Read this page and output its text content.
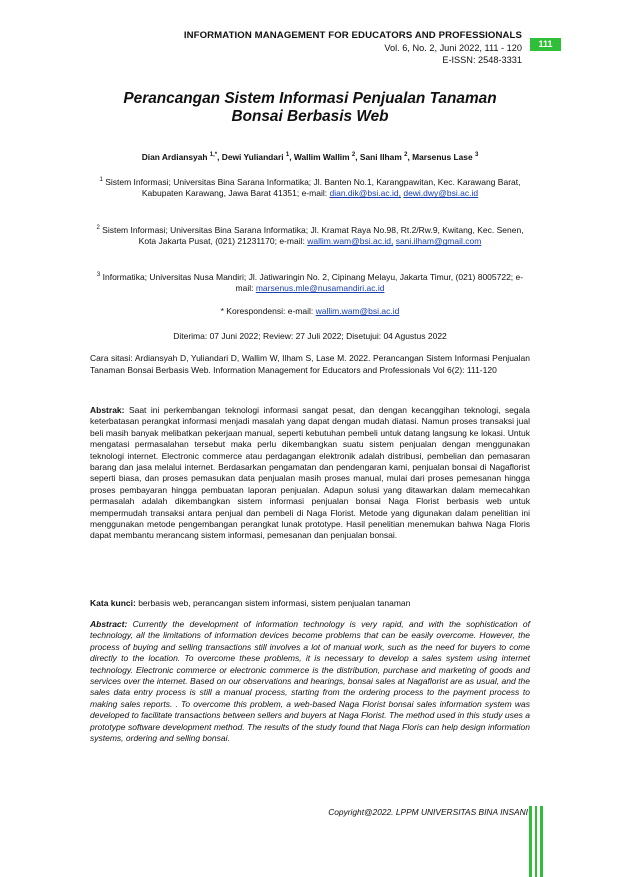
INFORMATION MANAGEMENT FOR EDUCATORS AND PROFESSIONALS
Vol. 6, No. 2, Juni 2022, 111 - 120
E-ISSN: 2548-3331
111
Perancangan Sistem Informasi Penjualan Tanaman
Bonsai Berbasis Web
Dian Ardiansyah $^{1,*}$, Dewi Yuliandari $^1$, Wallim Wallim $^2$, Sani Ilham $^2$, Marsenus Lase $^3$
$^1$ Sistem Informasi; Universitas Bina Sarana Informatika; Jl. Banten No.1, Karangpawitan, Kec. Karawang Barat, Kabupaten Karawang, Jawa Barat 41351; e-mail: dian.dik@bsi.ac.id, dewi.dwy@bsi.ac.id
$^2$ Sistem Informasi; Universitas Bina Sarana Informatika; Jl. Kramat Raya No.98, Rt.2/Rw.9, Kwitang, Kec. Senen, Kota Jakarta Pusat, (021) 21231170; e-mail: wallim.wam@bsi.ac.id, sani.ilham@gmail.com
$^3$ Informatika; Universitas Nusa Mandiri; Jl. Jatiwaringin No. 2, Cipinang Melayu, Jakarta Timur, (021) 8005722; e-mail: marsenus.mle@nusamandiri.ac.id
* Korespondensi: e-mail: wallim.wam@bsi.ac.id
Diterima: 07 Juni 2022; Review: 27 Juli 2022; Disetujui: 04 Agustus 2022
Cara sitasi: Ardiansyah D, Yuliandari D, Wallim W, Ilham S, Lase M. 2022. Perancangan Sistem Informasi Penjualan Tanaman Bonsai Berbasis Web. Information Management for Educators and Professionals Vol 6(2): 111-120
Abstrak: Saat ini perkembangan teknologi informasi sangat pesat, dan dengan kecanggihan teknologi, segala keterbatasan perangkat informasi menjadi masalah yang dapat dengan mudah diatasi. Namun proses transaksi jual beli masih banyak melibatkan pekerjaan manual, seperti kebutuhan pembeli untuk datang langsung ke lokasi. Untuk mengatasi permasalahan tersebut maka perlu dikembangkan suatu sistem penjualan dengan menggunakan teknologi internet. Electronic commerce atau perdagangan elektronik adalah distribusi, pembelian dan pemasaran barang dan jasa melalui internet. Berdasarkan pengamatan dan pendengaran kami, penjualan bonsai di Nagaflorist seperti biasa, dan proses pemasukan data penjualan masih proses manual, mulai dari proses pemesanan hingga proses pembayaran hingga pembuatan laporan penjualan. Adapun solusi yang ditawarkan dalam memecahkan permasalah adalah dikembangkan sistem informasi penjualan bonsai Naga Florist berbasis web untuk mempermudah transaksi antara penjual dan pembeli di Naga Florist. Metode yang digunakan dalam penelitian ini menggunakan metode pengembangan perangkat lunak prototype. Hasil penelitian menemukan bahwa Naga Floris dapat membantu merancang sistem informasi, pemesanan dan penjualan bonsai.
Kata kunci: berbasis web, perancangan sistem informasi, sistem penjualan tanaman
Abstract: Currently the development of information technology is very rapid, and with the sophistication of technology, all the limitations of information devices become problems that can be easily overcome. However, the process of buying and selling transactions still involves a lot of manual work, such as the need for buyers to come directly to the location. To overcome these problems, it is necessary to develop a sales system using internet technology. Electronic commerce or electronic commerce is the distribution, purchase and marketing of goods and services over the internet. Based on our observations and hearings, bonsai sales at Nagaflorist are as usual, and the sales data entry process is still a manual process, starting from the ordering process to the payment process to making sales reports. . To overcome this problem, a web-based Naga Florist bonsai sales information system was developed to facilitate transactions between sellers and buyers at Naga Florist. The method used in this study uses a prototype software development method. The results of the study found that Naga Floris can help design information systems, ordering and selling bonsai.
Copyright@2022. LPPM UNIVERSITAS BINA INSANI
